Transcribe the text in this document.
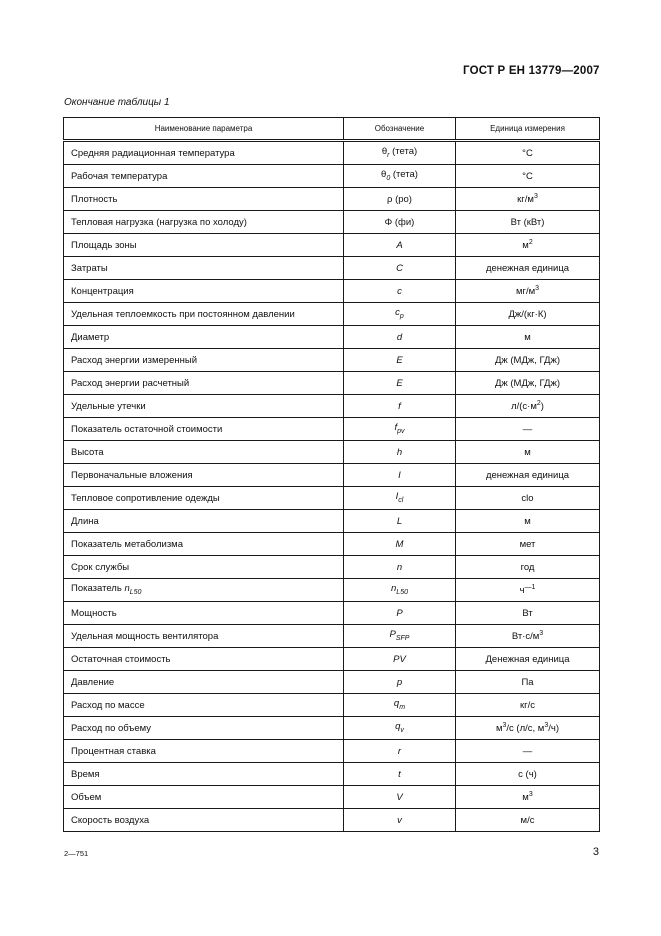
ГОСТ Р ЕН 13779—2007
Окончание таблицы 1
Наименование параметра	Обозначение	Единица измерения
Средняя радиационная температура	$\theta_r$ (тета)	°С
Рабочая температура	$\theta_0$ (тета)	°С
Плотность	ρ (ро)	$кг/м^3$
Тепловая нагрузка (нагрузка по холоду)	Φ (фи)	Вт (кВт)
Площадь зоны	A	$м^2$
Затраты	C	денежная единица
Концентрация	c	$мг/м^3$
Удельная теплоемкость при постоянном давлении	$c_p$	Дж/(кг·К)
Диаметр	d	м
Расход энергии измеренный	E	Дж (МДж, ГДж)
Расход энергии расчетный	E	Дж (МДж, ГДж)
Удельные утечки	f	$л/(с\cdot м^2)$
Показатель остаточной стоимости	$f_{pv}$	—
Высота	h	м
Первоначальные вложения	I	денежная единица
Тепловое сопротивление одежды	$I_{cl}$	clo
Длина	L	м
Показатель метаболизма	M	мет
Срок службы	n	год
Показатель $n_{L50}$	$n_{L50}$	$ч^{—1}$
Мощность	P	Вт
Удельная мощность вентилятора	$P_{SFP}$	$Вт\cdot с/м^3$
Остаточная стоимость	PV	Денежная единица
Давление	p	Па
Расход по массе	$q_m$	кг/с
Расход по объему	$q_v$	$м^3/с$ (л/с, $м^3/ч$)
Процентная ставка	r	—
Время	t	с (ч)
Объем	V	$м^3$
Скорость воздуха	v	м/с
2—751	3
